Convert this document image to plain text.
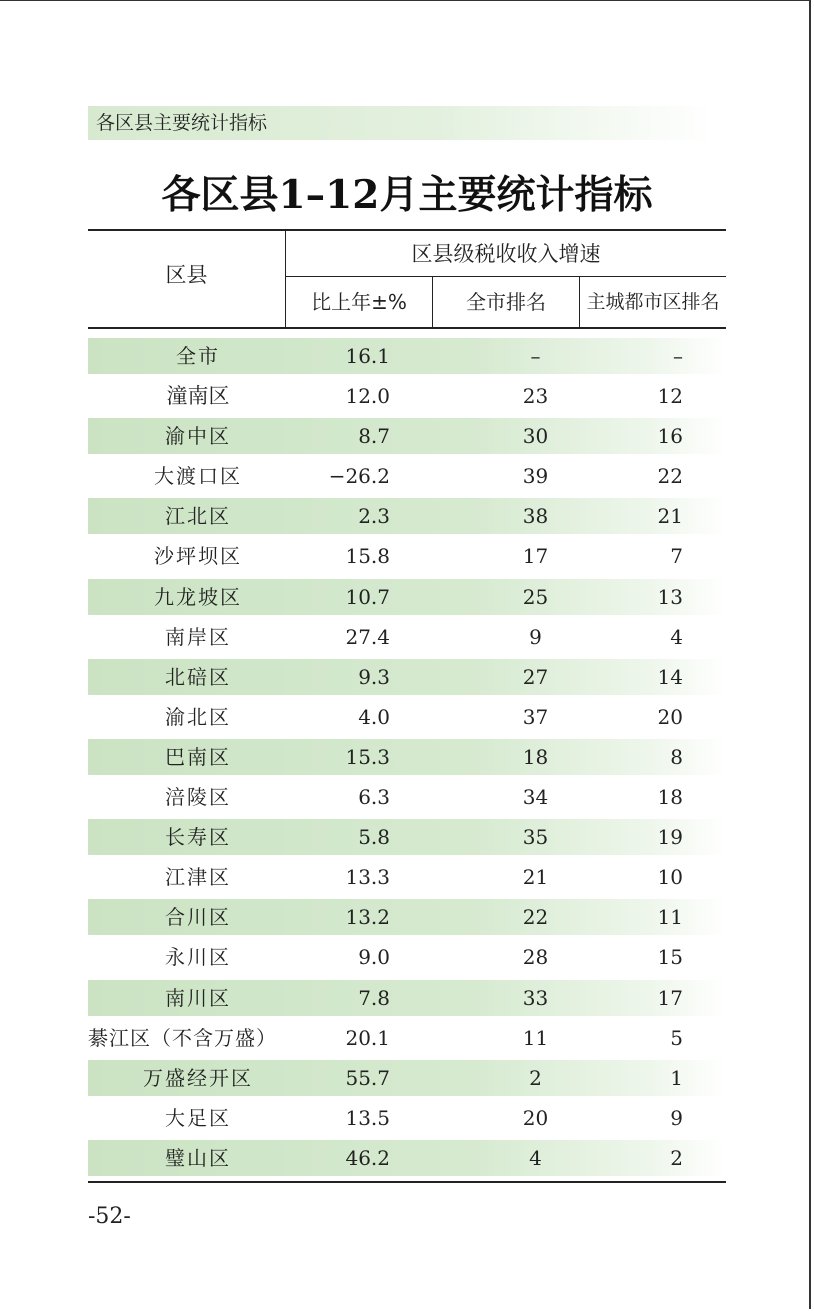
各区县主要统计指标
各区县1–12月主要统计指标
区县
区县级税收收入增速
比上年±%	全市排名	主城都市区排名
全市	16.1	–	–
潼南区	12.0	23	12
渝中区	8.7	30	16
大渡口区	−26.2	39	22
江北区	2.3	38	21
沙坪坝区	15.8	17	7
九龙坡区	10.7	25	13
南岸区	27.4	9	4
北碚区	9.3	27	14
渝北区	4.0	37	20
巴南区	15.3	18	8
涪陵区	6.3	34	18
长寿区	5.8	35	19
江津区	13.3	21	10
合川区	13.2	22	11
永川区	9.0	28	15
南川区	7.8	33	17
綦江区（不含万盛）	20.1	11	5
万盛经开区	55.7	2	1
大足区	13.5	20	9
璧山区	46.2	4	2
-52-
